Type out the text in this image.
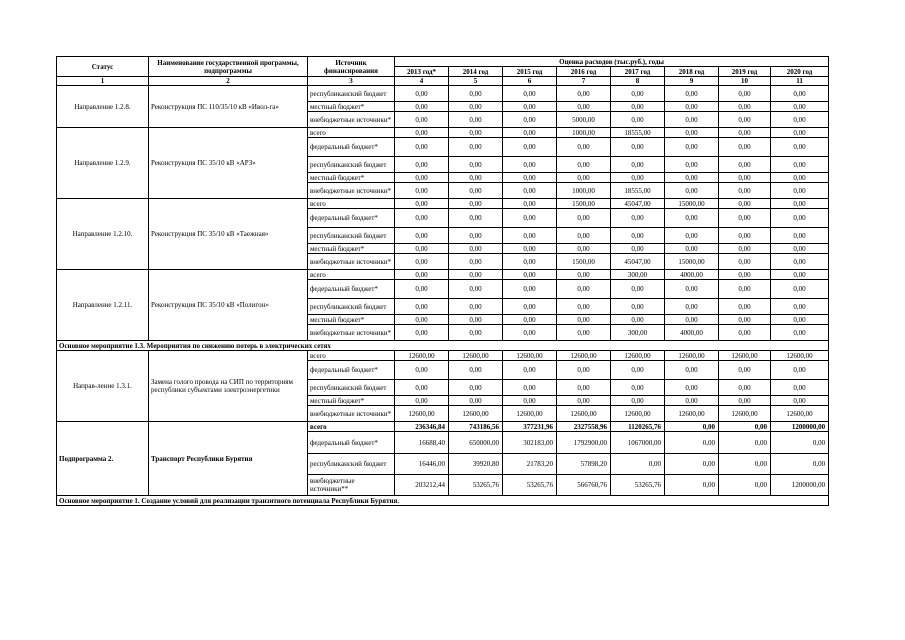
Статус	Наименование государственной программы, подпрограммы	Источник финансирования	Оценка расходов (тыс.руб.), годы							
			2013 год*	2014 год	2015 год	2016 год	2017 год	2018 год	2019 год	2020 год
1	2	3	4	5	6	7	8	9	10	11
Направление 1.2.8.	Реконструкция ПС 110/35/10 кВ «Ивол-га»	республиканский бюджет	0,00	0,00	0,00	0,00	0,00	0,00	0,00	0,00
		местный бюджет*	0,00	0,00	0,00	0,00	0,00	0,00	0,00	0,00
		внебюджетные источники*	0,00	0,00	0,00	5000,00	0,00	0,00	0,00	0,00
Направление 1.2.9.	Реконструкция ПС 35/10 кВ «АРЗ»	всего	0,00	0,00	0,00	1000,00	18555,00	0,00	0,00	0,00
		федеральный бюджет*	0,00	0,00	0,00	0,00	0,00	0,00	0,00	0,00
		республиканский бюджет	0,00	0,00	0,00	0,00	0,00	0,00	0,00	0,00
		местный бюджет*	0,00	0,00	0,00	0,00	0,00	0,00	0,00	0,00
		внебюджетные источники*	0,00	0,00	0,00	1000,00	18555,00	0,00	0,00	0,00
Направление 1.2.10.	Реконструкция ПС 35/10 кВ «Таежная»	всего	0,00	0,00	0,00	1500,00	45047,00	15000,00	0,00	0,00
		федеральный бюджет*	0,00	0,00	0,00	0,00	0,00	0,00	0,00	0,00
		республиканский бюджет	0,00	0,00	0,00	0,00	0,00	0,00	0,00	0,00
		местный бюджет*	0,00	0,00	0,00	0,00	0,00	0,00	0,00	0,00
		внебюджетные источники*	0,00	0,00	0,00	1500,00	45047,00	15000,00	0,00	0,00
Направление 1.2.11.	Реконструкция ПС 35/10 кВ «Полигон»	всего	0,00	0,00	0,00	0,00	300,00	4000,00	0,00	0,00
		федеральный бюджет*	0,00	0,00	0,00	0,00	0,00	0,00	0,00	0,00
		республиканский бюджет	0,00	0,00	0,00	0,00	0,00	0,00	0,00	0,00
		местный бюджет*	0,00	0,00	0,00	0,00	0,00	0,00	0,00	0,00
		внебюджетные источники*	0,00	0,00	0,00	0,00	300,00	4000,00	0,00	0,00
Основное мероприятие 1.3. Мероприятия по снижению потерь в электрических сетях										
Направ-ление 1.3.1.	Замена голого провода на СИП по территориям республики субъектами электроэнергетики	всего	12600,00	12600,00	12600,00	12600,00	12600,00	12600,00	12600,00	12600,00
		федеральный бюджет*	0,00	0,00	0,00	0,00	0,00	0,00	0,00	0,00
		республиканский бюджет	0,00	0,00	0,00	0,00	0,00	0,00	0,00	0,00
		местный бюджет*	0,00	0,00	0,00	0,00	0,00	0,00	0,00	0,00
		внебюджетные источники*	12600,00	12600,00	12600,00	12600,00	12600,00	12600,00	12600,00	12600,00
Подпрограмма 2.	Транспорт Республики Бурятия	всего	236346,84	743186,56	377231,96	2327558,96	1120265,76	0,00	0,00	1200000,00
		федеральный бюджет*	16688,40	650000,00	302183,00	1792900,00	1067000,00	0,00	0,00	0,00
		республиканский бюджет	16446,00	39920,80	21783,20	57898,20	0,00	0,00	0,00	0,00
		внебюджетные источники**	203212,44	53265,76	53265,76	566760,76	53265,76	0,00	0,00	1200000,00
Основное мероприятие 1. Создание условий для реализации транзитного потенциала Республики Бурятия.										
